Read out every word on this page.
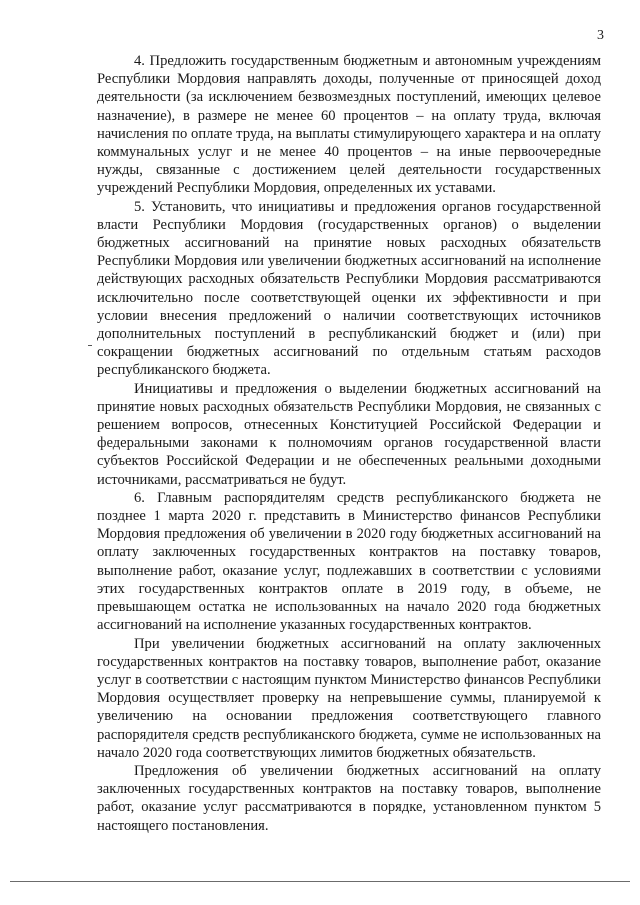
3

4. Предложить государственным бюджетным и автономным учреждениям Республики Мордовия направлять доходы, полученные от приносящей доход деятельности (за исключением безвозмездных поступлений, имеющих целевое назначение), в размере не менее 60 процентов – на оплату труда, включая начисления по оплате труда, на выплаты стимулирующего характера и на оплату коммунальных услуг и не менее 40 процентов – на иные первоочередные нужды, связанные с достижением целей деятельности государственных учреждений Республики Мордовия, определенных их уставами.

5. Установить, что инициативы и предложения органов государственной власти Республики Мордовия (государственных органов) о выделении бюджетных ассигнований на принятие новых расходных обязательств Республики Мордовия или увеличении бюджетных ассигнований на исполнение действующих расходных обязательств Республики Мордовия рассматриваются исключительно после соответствующей оценки их эффективности и при условии внесения предложений о наличии соответствующих источников дополнительных поступлений в республиканский бюджет и (или) при сокращении бюджетных ассигнований по отдельным статьям расходов республиканского бюджета.

Инициативы и предложения о выделении бюджетных ассигнований на принятие новых расходных обязательств Республики Мордовия, не связанных с решением вопросов, отнесенных Конституцией Российской Федерации и федеральными законами к полномочиям органов государственной власти субъектов Российской Федерации и не обеспеченных реальными доходными источниками, рассматриваться не будут.

6. Главным распорядителям средств республиканского бюджета не позднее 1 марта 2020 г. представить в Министерство финансов Республики Мордовия предложения об увеличении в 2020 году бюджетных ассигнований на оплату заключенных государственных контрактов на поставку товаров, выполнение работ, оказание услуг, подлежавших в соответствии с условиями этих государственных контрактов оплате в 2019 году, в объеме, не превышающем остатка не использованных на начало 2020 года бюджетных ассигнований на исполнение указанных государственных контрактов.

При увеличении бюджетных ассигнований на оплату заключенных государственных контрактов на поставку товаров, выполнение работ, оказание услуг в соответствии с настоящим пунктом Министерство финансов Республики Мордовия осуществляет проверку на непревышение суммы, планируемой к увеличению на основании предложения соответствующего главного распорядителя средств республиканского бюджета, сумме не использованных на начало 2020 года соответствующих лимитов бюджетных обязательств.

Предложения об увеличении бюджетных ассигнований на оплату заключенных государственных контрактов на поставку товаров, выполнение работ, оказание услуг рассматриваются в порядке, установленном пунктом 5 настоящего постановления.
